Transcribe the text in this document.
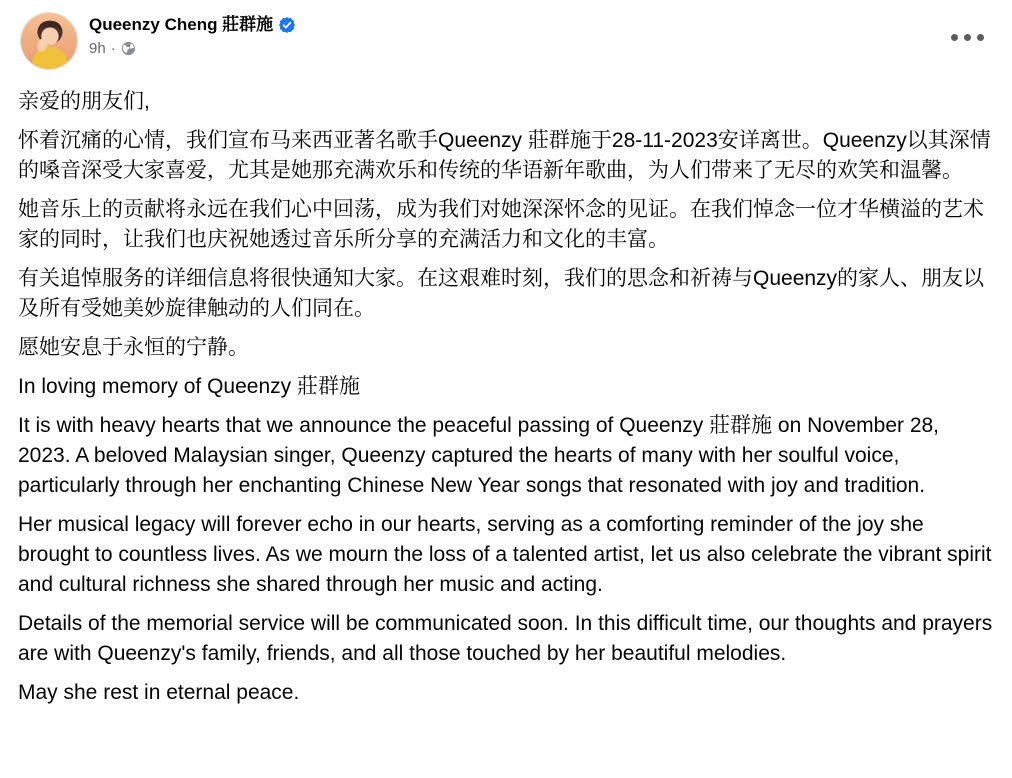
Queenzy Cheng 莊群施
9h ·

亲爱的朋友们,

怀着沉痛的心情，我们宣布马来西亚著名歌手Queenzy 莊群施于28-11-2023安详离世。Queenzy以其深情的嗓音深受大家喜爱，尤其是她那充满欢乐和传统的华语新年歌曲，为人们带来了无尽的欢笑和温馨。

她音乐上的贡献将永远在我们心中回荡，成为我们对她深深怀念的见证。在我们悼念一位才华横溢的艺术家的同时，让我们也庆祝她透过音乐所分享的充满活力和文化的丰富。

有关追悼服务的详细信息将很快通知大家。在这艰难时刻，我们的思念和祈祷与Queenzy的家人、朋友以及所有受她美妙旋律触动的人们同在。

愿她安息于永恒的宁静。

In loving memory of Queenzy 莊群施

It is with heavy hearts that we announce the peaceful passing of Queenzy 莊群施 on November 28, 2023. A beloved Malaysian singer, Queenzy captured the hearts of many with her soulful voice, particularly through her enchanting Chinese New Year songs that resonated with joy and tradition.

Her musical legacy will forever echo in our hearts, serving as a comforting reminder of the joy she brought to countless lives. As we mourn the loss of a talented artist, let us also celebrate the vibrant spirit and cultural richness she shared through her music and acting.

Details of the memorial service will be communicated soon. In this difficult time, our thoughts and prayers are with Queenzy's family, friends, and all those touched by her beautiful melodies.

May she rest in eternal peace.
